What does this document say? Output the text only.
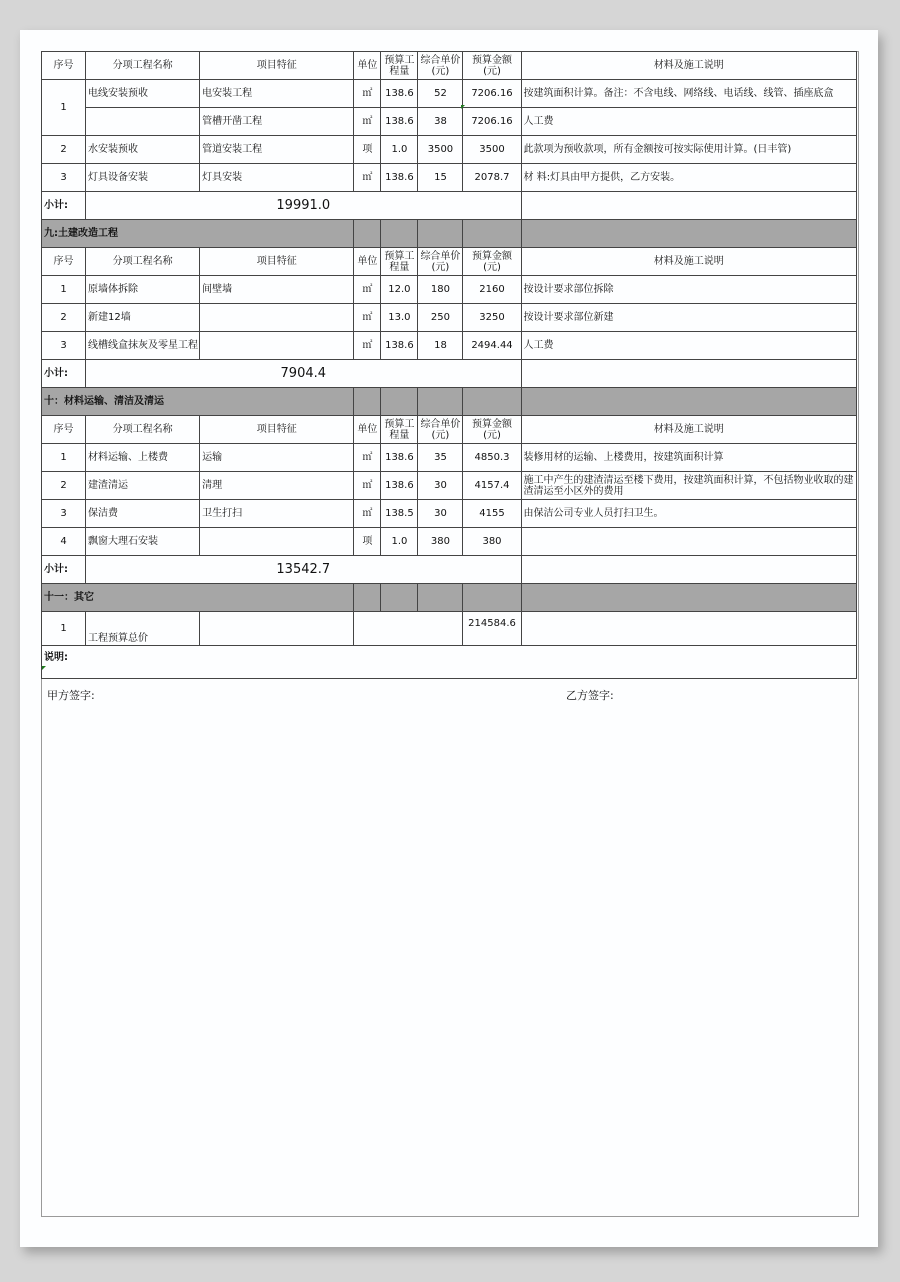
序号	分项工程名称	项目特征	单位	预算工程量	综合单价(元)	预算金额(元)	材料及施工说明
1	电线安装预收	电安装工程	㎡	138.6	52	7206.16	按建筑面积计算。备注：不含电线、网络线、电话线、线管、插座底盒
		管槽开凿工程	㎡	138.6	38	7206.16	人工费
2	水安装预收	管道安装工程	项	1.0	3500	3500	此款项为预收款项，所有金额按可按实际使用计算。(日丰管)
3	灯具设备安装	灯具安装	㎡	138.6	15	2078.7	材 料:灯具由甲方提供，乙方安装。
小计:	19991.0						
九:土建改造工程							
序号	分项工程名称	项目特征	单位	预算工程量	综合单价(元)	预算金额(元)	材料及施工说明
1	原墙体拆除	间壁墙	㎡	12.0	180	2160	按设计要求部位拆除
2	新建12墙		㎡	13.0	250	3250	按设计要求部位新建
3	线槽线盒抹灰及零星工程		㎡	138.6	18	2494.44	人工费
小计:	7904.4						
十：材料运输、清洁及清运							
序号	分项工程名称	项目特征	单位	预算工程量	综合单价(元)	预算金额(元)	材料及施工说明
1	材料运输、上楼费	运输	㎡	138.6	35	4850.3	装修用材的运输、上楼费用，按建筑面积计算
2	建渣清运	清理	㎡	138.6	30	4157.4	施工中产生的建渣清运至楼下费用，按建筑面积计算，不包括物业收取的建渣清运至小区外的费用
3	保洁费	卫生打扫	㎡	138.5	30	4155	由保洁公司专业人员打扫卫生。
4	飘窗大理石安装		项	1.0	380	380	
小计:	13542.7						
十一：其它							
1	工程预算总价					214584.6	
说明:							
甲方签字:	乙方签字:
